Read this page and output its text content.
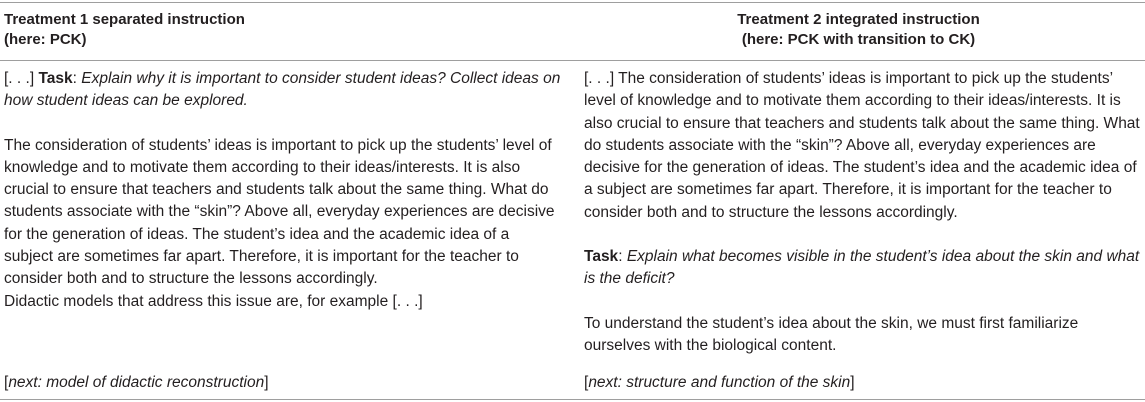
Treatment 1 separated instruction
(here: PCK)
Treatment 2 integrated instruction
(here: PCK with transition to CK)

[. . .] Task: Explain why it is important to consider student ideas? Collect ideas on how student ideas can be explored.

The consideration of students’ ideas is important to pick up the students’ level of knowledge and to motivate them according to their ideas/interests. It is also crucial to ensure that teachers and students talk about the same thing. What do students associate with the “skin”? Above all, everyday experiences are decisive for the generation of ideas. The student’s idea and the academic idea of a subject are sometimes far apart. Therefore, it is important for the teacher to consider both and to structure the lessons accordingly.

Didactic models that address this issue are, for example [. . .]

[next: model of didactic reconstruction]

[. . .] The consideration of students’ ideas is important to pick up the students’ level of knowledge and to motivate them according to their ideas/interests. It is also crucial to ensure that teachers and students talk about the same thing. What do students associate with the “skin”? Above all, everyday experiences are decisive for the generation of ideas. The student’s idea and the academic idea of a subject are sometimes far apart. Therefore, it is important for the teacher to consider both and to structure the lessons accordingly.

Task: Explain what becomes visible in the student’s idea about the skin and what is the deficit?

To understand the student’s idea about the skin, we must first familiarize ourselves with the biological content.

[next: structure and function of the skin]
